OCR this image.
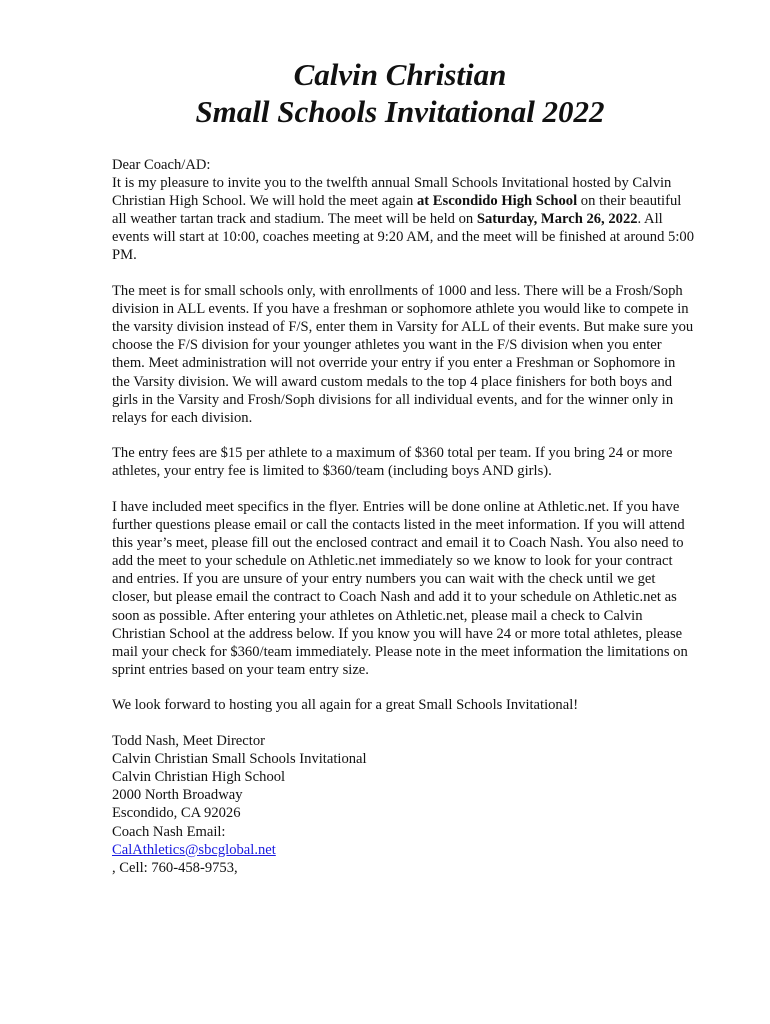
Calvin Christian
Small Schools Invitational 2022
Dear Coach/AD:

It is my pleasure to invite you to the twelfth annual Small Schools Invitational hosted by Calvin Christian High School. We will hold the meet again at Escondido High School on their beautiful all weather tartan track and stadium. The meet will be held on Saturday, March 26, 2022. All events will start at 10:00, coaches meeting at 9:20 AM, and the meet will be finished at around 5:00 PM.

The meet is for small schools only, with enrollments of 1000 and less. There will be a Frosh/Soph division in ALL events. If you have a freshman or sophomore athlete you would like to compete in the varsity division instead of F/S, enter them in Varsity for ALL of their events. But make sure you choose the F/S division for your younger athletes you want in the F/S division when you enter them. Meet administration will not override your entry if you enter a Freshman or Sophomore in the Varsity division. We will award custom medals to the top 4 place finishers for both boys and girls in the Varsity and Frosh/Soph divisions for all individual events, and for the winner only in relays for each division.

The entry fees are $15 per athlete to a maximum of $360 total per team. If you bring 24 or more athletes, your entry fee is limited to $360/team (including boys AND girls).

I have included meet specifics in the flyer. Entries will be done online at Athletic.net. If you have further questions please email or call the contacts listed in the meet information. If you will attend this year’s meet, please fill out the enclosed contract and email it to Coach Nash. You also need to add the meet to your schedule on Athletic.net immediately so we know to look for your contract and entries. If you are unsure of your entry numbers you can wait with the check until we get closer, but please email the contract to Coach Nash and add it to your schedule on Athletic.net as soon as possible. After entering your athletes on Athletic.net, please mail a check to Calvin Christian School at the address below. If you know you will have 24 or more total athletes, please mail your check for $360/team immediately. Please note in the meet information the limitations on sprint entries based on your team entry size.

We look forward to hosting you all again for a great Small Schools Invitational!

Todd Nash, Meet Director
Calvin Christian Small Schools Invitational
Calvin Christian High School
2000 North Broadway
Escondido, CA 92026
Coach Nash Email:
CalAthletics@sbcglobal.net
, Cell: 760-458-9753,
